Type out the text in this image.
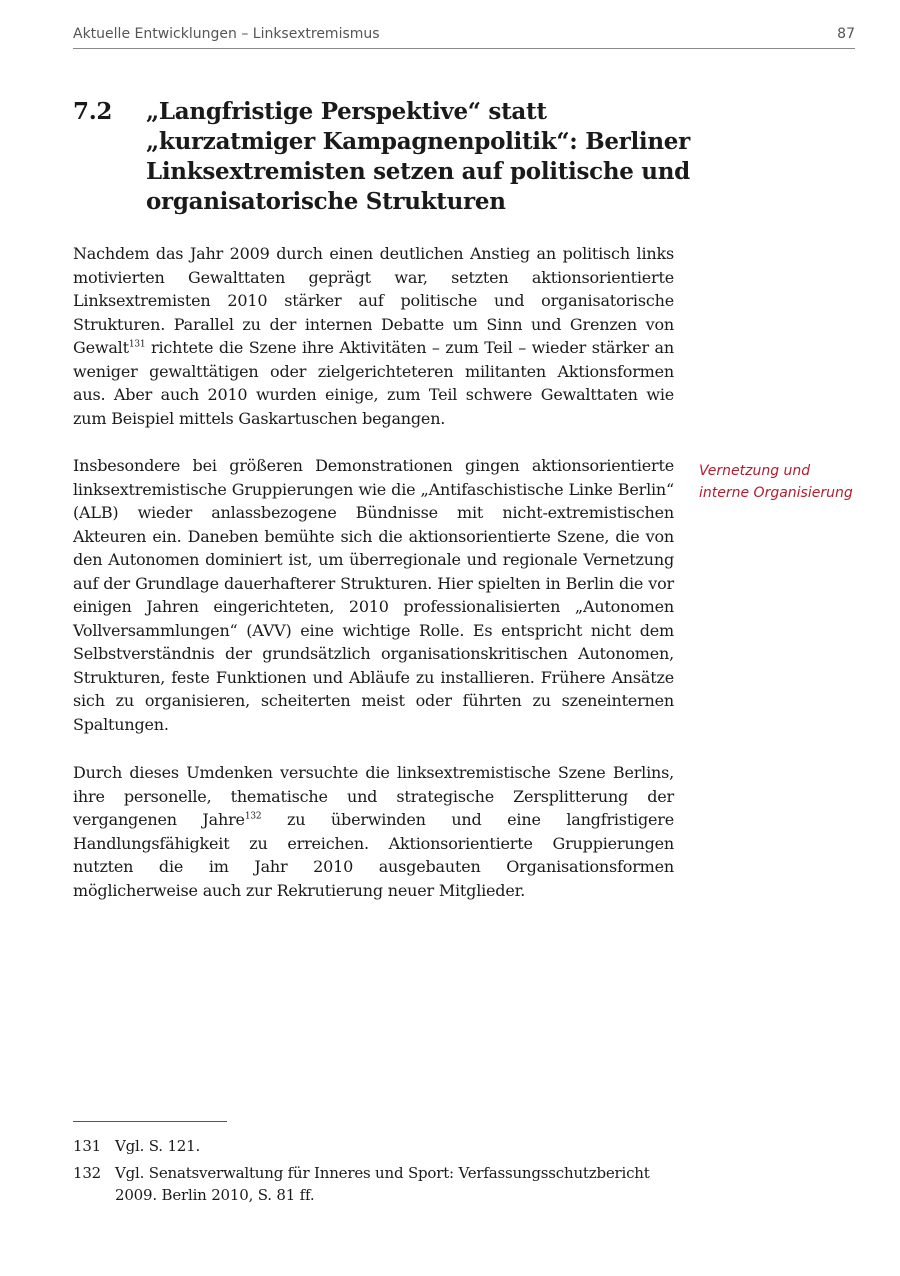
Aktuelle Entwicklungen – Linksextremismus	87
7.2 „Langfristige Perspektive“ statt „kurzatmiger Kampagnenpolitik“: Berliner Linksextremisten setzen auf politische und organisatorische Strukturen

Nachdem das Jahr 2009 durch einen deutlichen Anstieg an politisch links motivierten Gewalttaten geprägt war, setzten aktionsorientierte Linksextremisten 2010 stärker auf politische und organisatorische Strukturen. Parallel zu der internen Debatte um Sinn und Grenzen von Gewalt$^{131}$ richtete die Szene ihre Aktivitäten – zum Teil – wieder stärker an weniger gewalttätigen oder zielgerichteteren militanten Aktionsformen aus. Aber auch 2010 wurden einige, zum Teil schwere Gewalttaten wie zum Beispiel mittels Gaskartuschen begangen.

Vernetzung und interne Organisierung

Insbesondere bei größeren Demonstrationen gingen aktionsorientierte linksextremistische Gruppierungen wie die „Antifaschistische Linke Berlin“ (ALB) wieder anlassbezogene Bündnisse mit nicht-extremistischen Akteuren ein. Daneben bemühte sich die aktionsorientierte Szene, die von den Autonomen dominiert ist, um überregionale und regionale Vernetzung auf der Grundlage dauerhafterer Strukturen. Hier spielten in Berlin die vor einigen Jahren eingerichteten, 2010 professionalisierten „Autonomen Vollversammlungen“ (AVV) eine wichtige Rolle. Es entspricht nicht dem Selbstverständnis der grundsätzlich organisationskritischen Autonomen, Strukturen, feste Funktionen und Abläufe zu installieren. Frühere Ansätze sich zu organisieren, scheiterten meist oder führten zu szeneinternen Spaltungen.

Durch dieses Umdenken versuchte die linksextremistische Szene Berlins, ihre personelle, thematische und strategische Zersplitterung der vergangenen Jahre$^{132}$ zu überwinden und eine langfristigere Handlungsfähigkeit zu erreichen. Aktionsorientierte Gruppierungen nutzten die im Jahr 2010 ausgebauten Organisationsformen möglicherweise auch zur Rekrutierung neuer Mitglieder.

131 Vgl. S. 121.
132 Vgl. Senatsverwaltung für Inneres und Sport: Verfassungsschutzbericht 2009. Berlin 2010, S. 81 ff.
